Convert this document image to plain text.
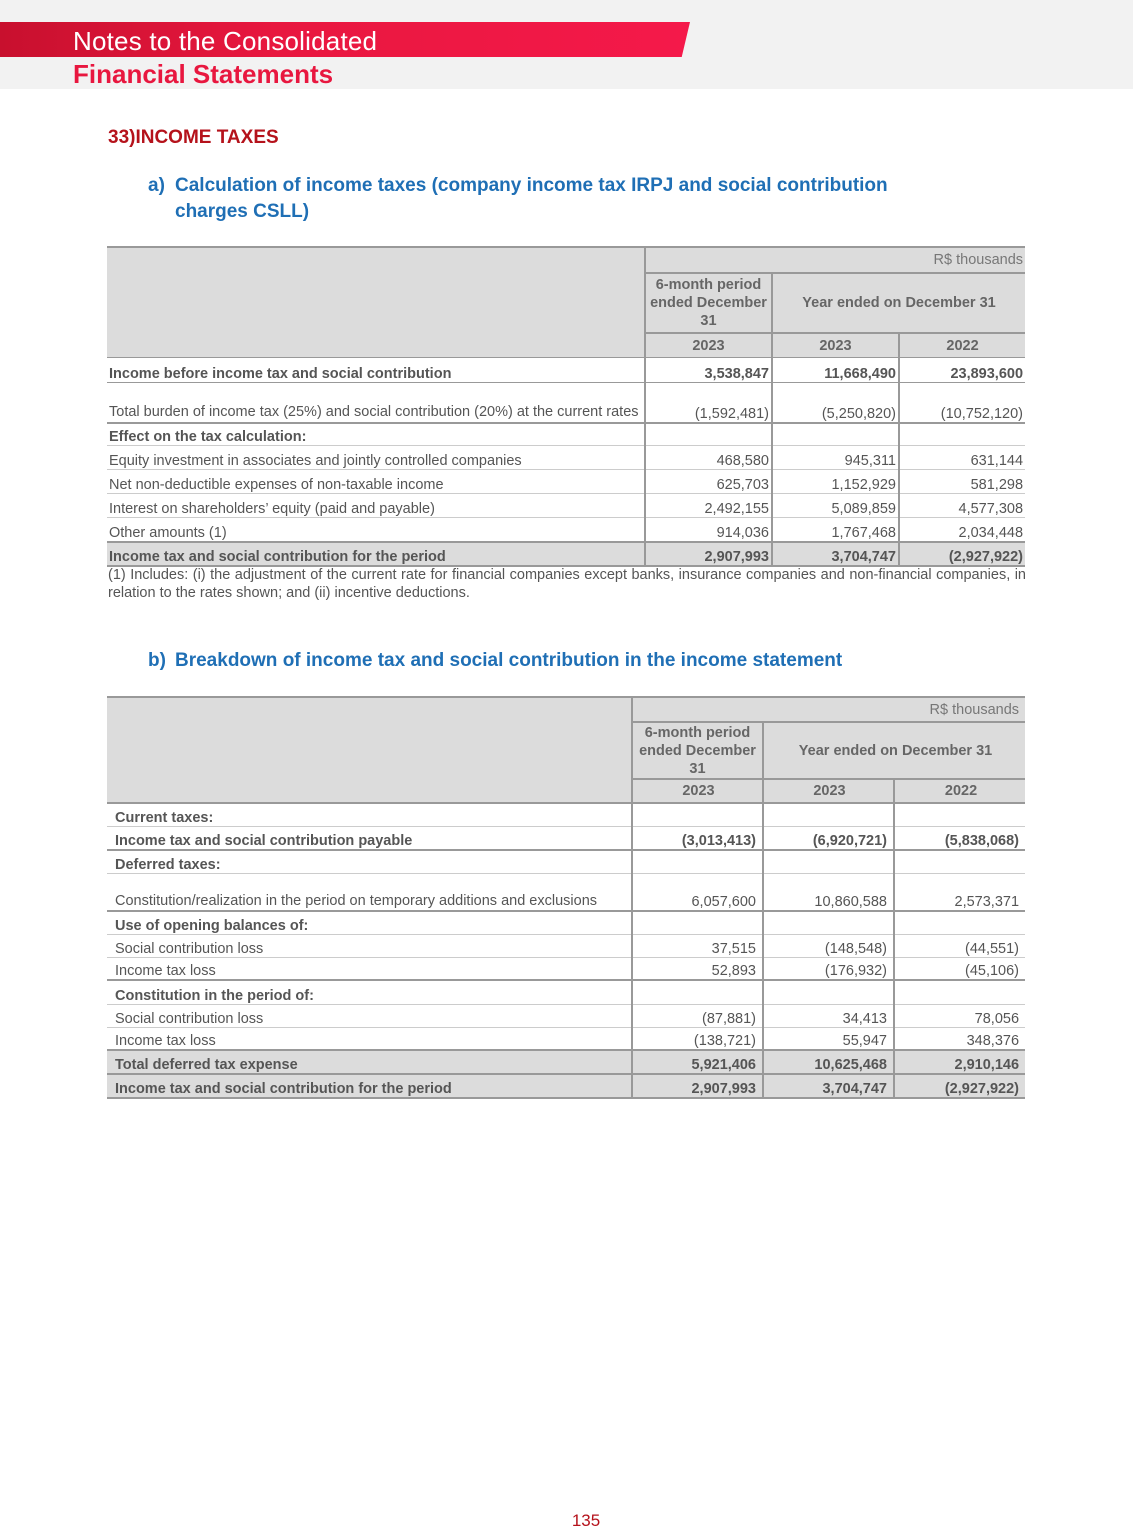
Notes to the Consolidated
Financial Statements
33)INCOME TAXES
a) Calculation of income taxes (company income tax IRPJ and social contribution
charges CSLL)
		R$ thousands	
	6-month period ended December 31	Year ended on December 31	
	2023	2023	2022

Income before income tax and social contribution	3,538,847	11,668,490	23,893,600
Total burden of income tax (25%) and social contribution (20%) at the current rates	(1,592,481)	(5,250,820)	(10,752,120)
Effect on the tax calculation:			
Equity investment in associates and jointly controlled companies	468,580	945,311	631,144
Net non-deductible expenses of non-taxable income	625,703	1,152,929	581,298
Interest on shareholders’ equity (paid and payable)	2,492,155	5,089,859	4,577,308
Other amounts (1)	914,036	1,767,468	2,034,448
Income tax and social contribution for the period	2,907,993	3,704,747	(2,927,922)
(1) Includes: (i) the adjustment of the current rate for financial companies except banks, insurance companies and non-financial companies, in relation to the rates shown; and (ii) incentive deductions.
b) Breakdown of income tax and social contribution in the income statement
		R$ thousands	
	6-month period ended December 31	Year ended on December 31	
	2023	2023	2022
Current taxes:			
Income tax and social contribution payable	(3,013,413)	(6,920,721)	(5,838,068)
Deferred taxes:			
Constitution/realization in the period on temporary additions and exclusions	6,057,600	10,860,588	2,573,371
Use of opening balances of:			
Social contribution loss	37,515	(148,548)	(44,551)
Income tax loss	52,893	(176,932)	(45,106)
Constitution in the period of:			
Social contribution loss	(87,881)	34,413	78,056
Income tax loss	(138,721)	55,947	348,376
Total deferred tax expense	5,921,406	10,625,468	2,910,146
Income tax and social contribution for the period	2,907,993	3,704,747	(2,927,922)
135
